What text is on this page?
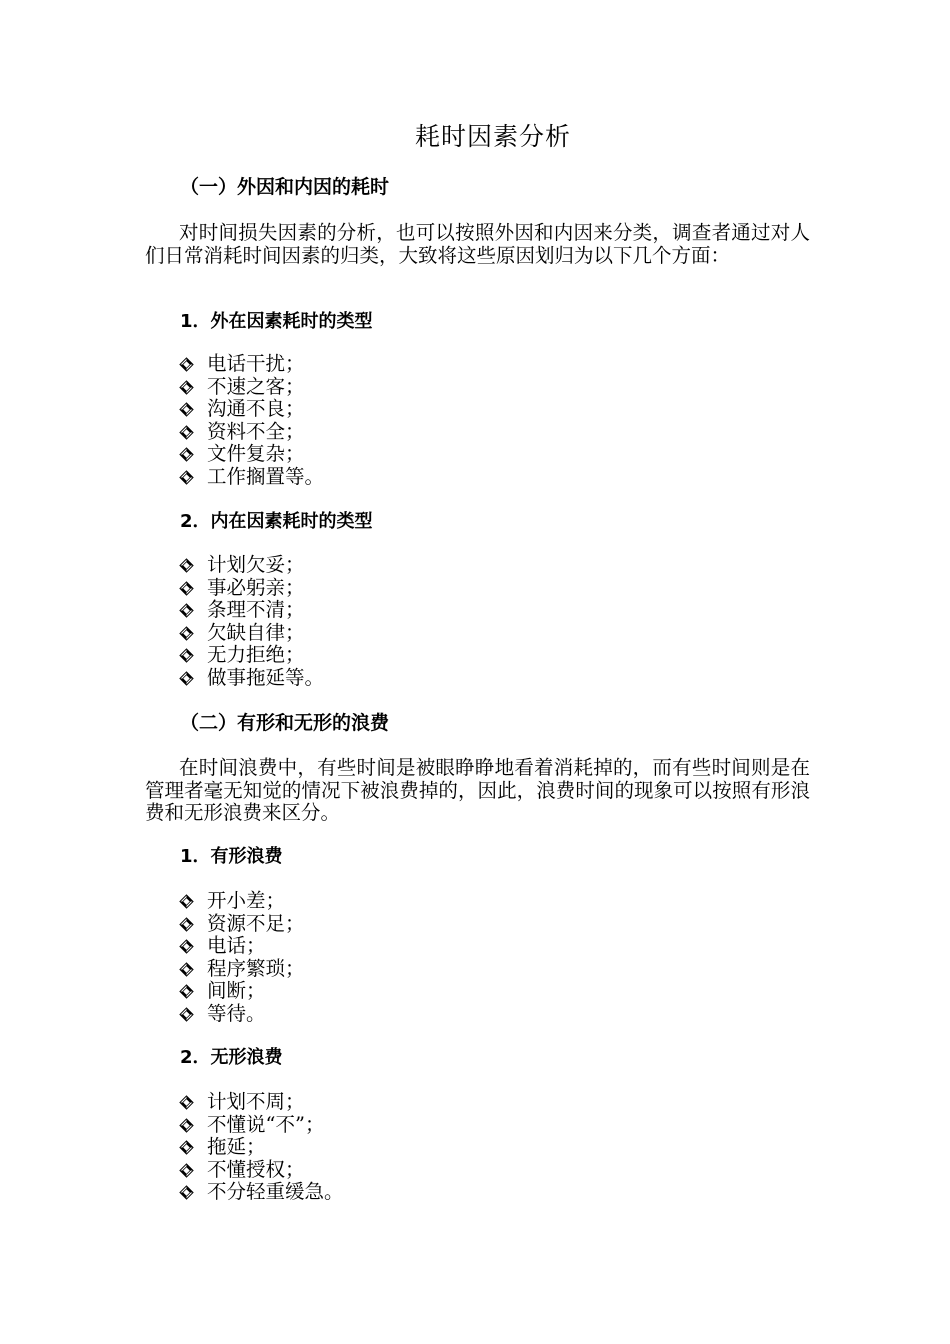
耗时因素分析
（一）外因和内因的耗时

对时间损失因素的分析，也可以按照外因和内因来分类，调查者通过对人们日常消耗时间因素的归类，大致将这些原因划归为以下几个方面：

1．外在因素耗时的类型
电话干扰；
不速之客；
沟通不良；
资料不全；
文件复杂；
工作搁置等。
2．内在因素耗时的类型
计划欠妥；
事必躬亲；
条理不清；
欠缺自律；
无力拒绝；
做事拖延等。
（二）有形和无形的浪费

在时间浪费中，有些时间是被眼睁睁地看着消耗掉的，而有些时间则是在管理者毫无知觉的情况下被浪费掉的，因此，浪费时间的现象可以按照有形浪费和无形浪费来区分。

1．有形浪费
开小差；
资源不足；
电话；
程序繁琐；
间断；
等待。
2．无形浪费
计划不周；
不懂说“不”；
拖延；
不懂授权；
不分轻重缓急。
